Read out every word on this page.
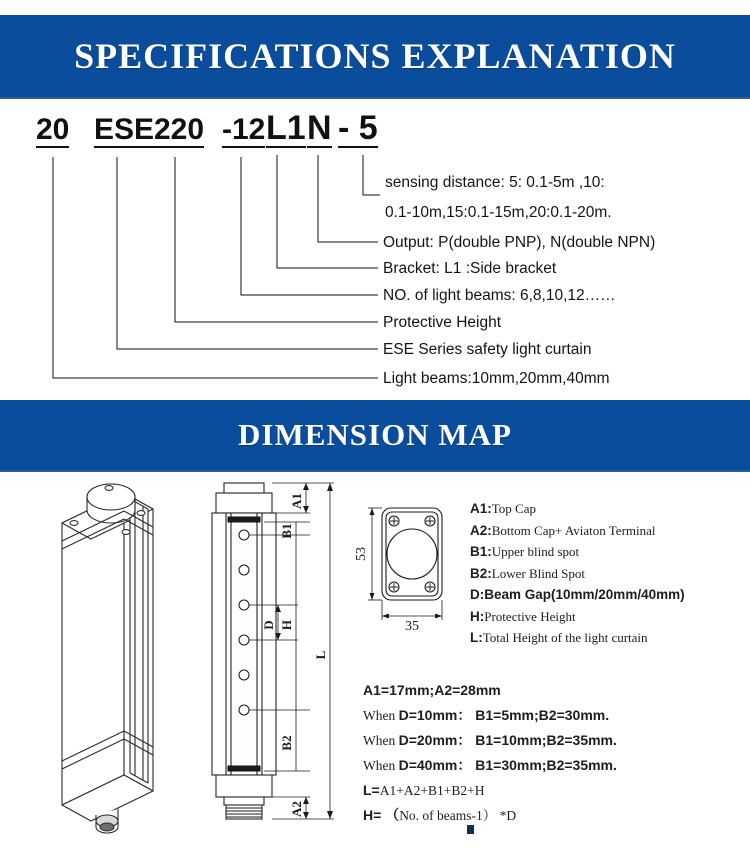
SPECIFICATIONS EXPLANATION
20 ESE 220 -12 L1 N - 5
sensing distance: 5: 0.1-5m ,10:
0.1-10m,15:0.1-15m,20:0.1-20m.
Output: P(double PNP), N(double NPN)
Bracket: L1 :Side bracket
NO. of light beams: 6,8,10,12……
Protective Height
ESE Series safety light curtain
Light beams:10mm,20mm,40mm
DIMENSION MAP
A1
B1
D H
B2
A2
L
53
35
A1:Top Cap
A2:Bottom Cap+ Aviaton Terminal
B1:Upper blind spot
B2:Lower Blind Spot
D:Beam Gap(10mm/20mm/40mm)
H:Protective Height
L:Total Height of the light curtain
A1=17mm;A2=28mm
When D=10mm： B1=5mm;B2=30mm.
When D=20mm： B1=10mm;B2=35mm.
When D=40mm： B1=30mm;B2=35mm.
L=A1+A2+B1+B2+H
H= （No. of beams-1） *D
